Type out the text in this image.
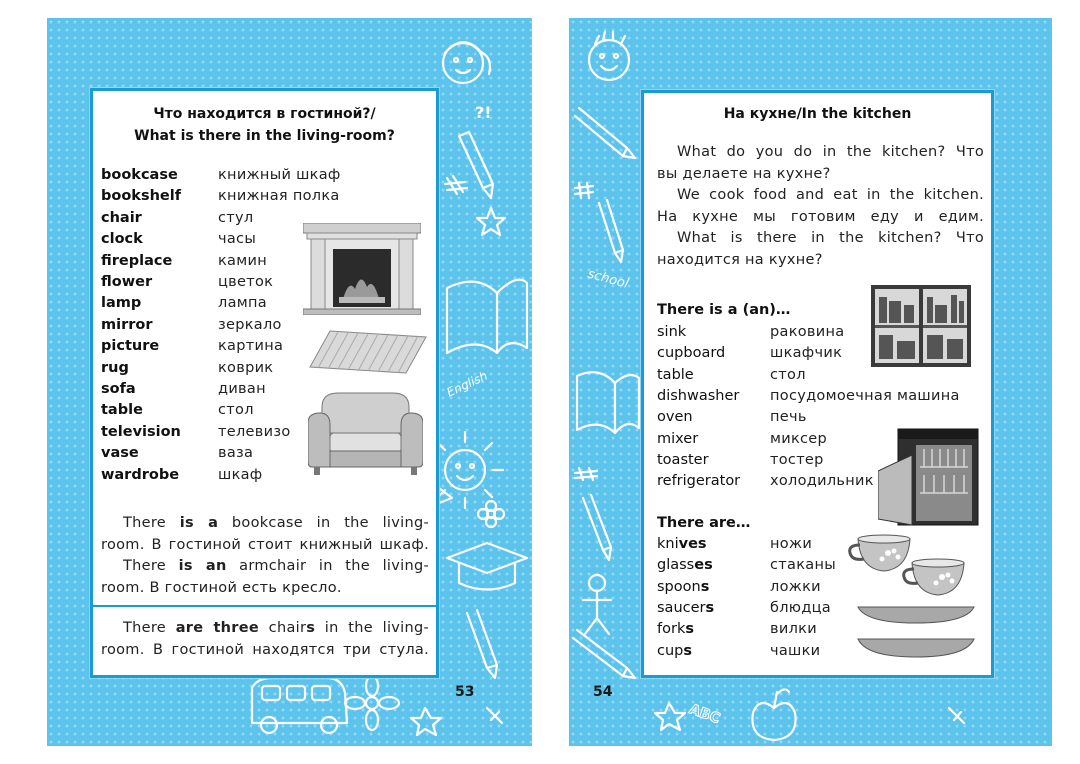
English
?!
Что находится в гостиной?/
What is there in the living-room?
bookcase	книжный шкаф
bookshelf	книжная полка
chair	стул
clock	часы
fireplace	камин
flower	цветок
lamp	лампа
mirror	зеркало
picture	картина
rug	коврик
sofa	диван
table	стол
television	телевизо
vase	ваза
wardrobe	шкаф
There is a bookcase in the living-
room. В гостиной стоит книжный шкаф.
There is an armchair in the living-
room. В гостиной есть кресло.
There are three chairs in the living-
room. В гостиной находятся три стула.
53
school
ABC
На кухне/In the kitchen
What do you do in the kitchen? Что
вы делаете на кухне?
We cook food and eat in the kitchen.
На кухне мы готовим еду и едим.
What is there in the kitchen? Что
находится на кухне?
There is a (an)…
sink	раковина
cupboard	шкафчик
table	стол
dishwasher посудомоечная машина
oven	печь
mixer	миксер
toaster	тостер
refrigerator холодильник
There are…
knives	ножи
glasses	стаканы
spoons	ложки
saucers	блюдца
forks	вилки
cups	чашки
54
